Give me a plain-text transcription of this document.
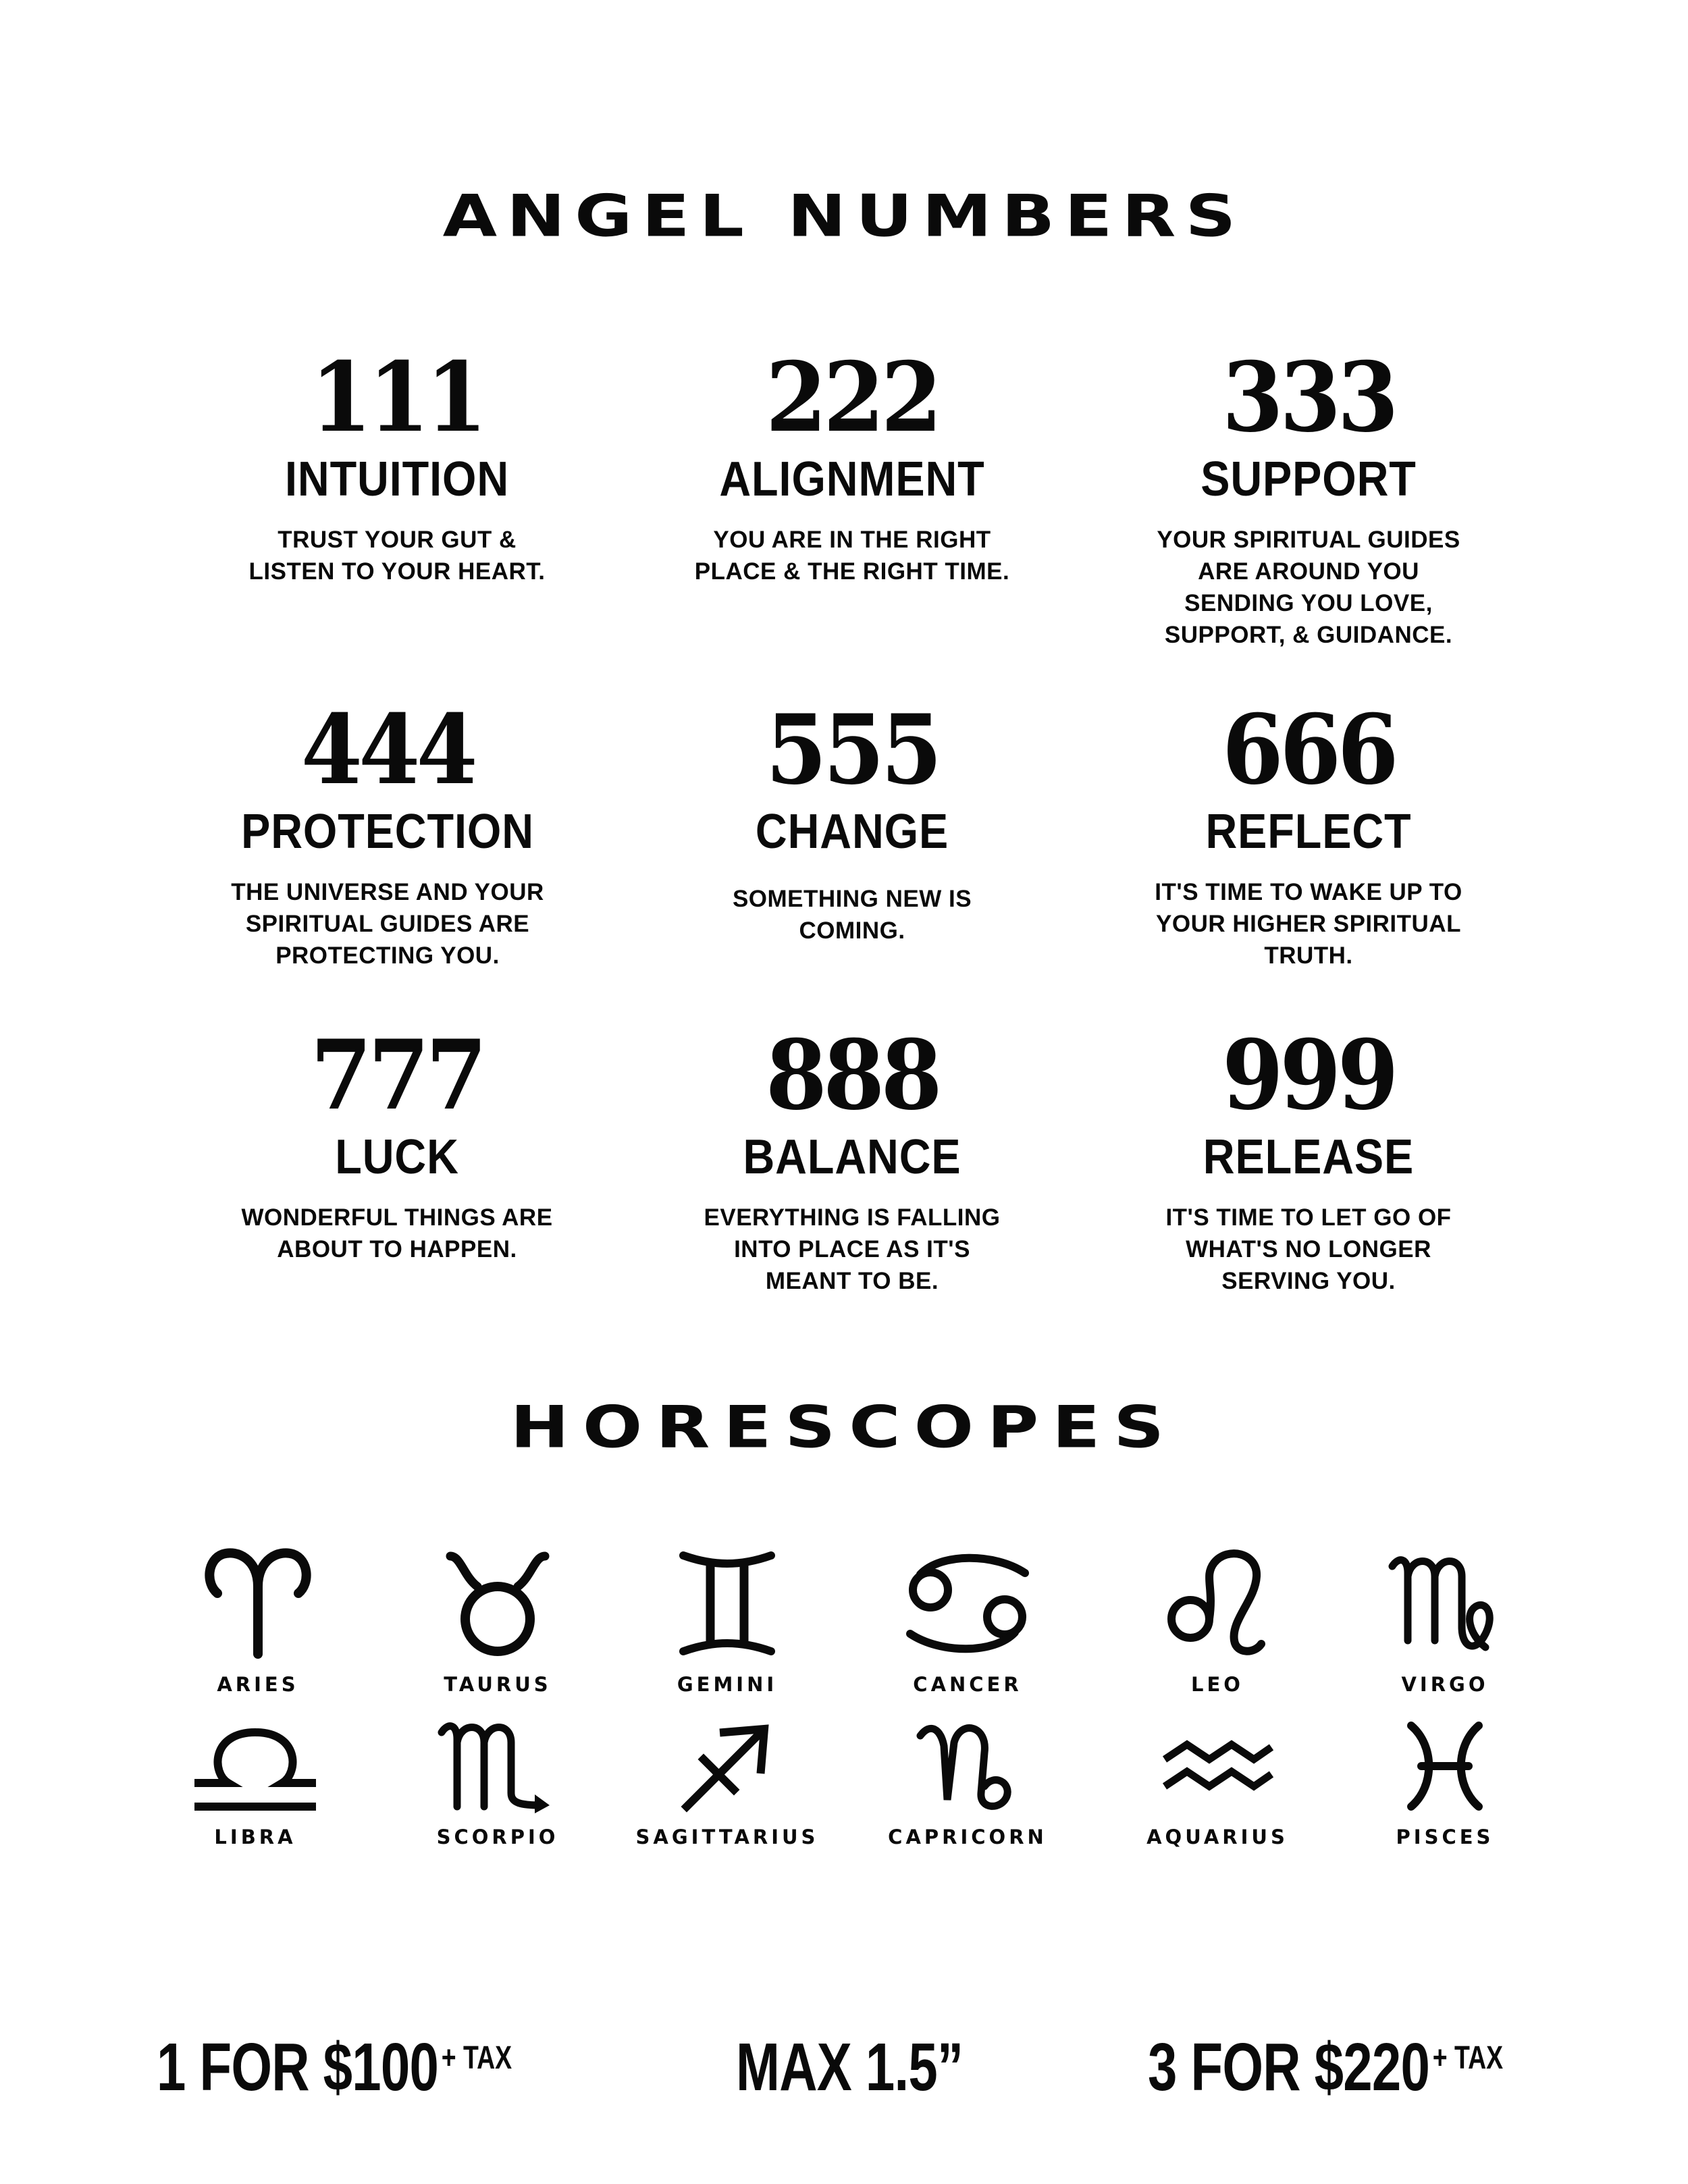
ANGEL NUMBERS
111
INTUITION
TRUST YOUR GUT & LISTEN TO YOUR HEART.
222
ALIGNMENT
YOU ARE IN THE RIGHT PLACE & THE RIGHT TIME.
333
SUPPORT
YOUR SPIRITUAL GUIDES ARE AROUND YOU SENDING YOU LOVE, SUPPORT, & GUIDANCE.
444
PROTECTION
THE UNIVERSE AND YOUR SPIRITUAL GUIDES ARE PROTECTING YOU.
555
CHANGE
SOMETHING NEW IS COMING.
666
REFLECT
IT'S TIME TO WAKE UP TO YOUR HIGHER SPIRITUAL TRUTH.
777
LUCK
WONDERFUL THINGS ARE ABOUT TO HAPPEN.
888
BALANCE
EVERYTHING IS FALLING INTO PLACE AS IT'S MEANT TO BE.
999
RELEASE
IT'S TIME TO LET GO OF WHAT'S NO LONGER SERVING YOU.
HORESCOPES
ARIES	TAURUS	GEMINI	CANCER	LEO	VIRGO
LIBRA	SCORPIO	SAGITTARIUS	CAPRICORN	AQUARIUS	PISCES
1 FOR $\$100^{+ TAX}$	MAX 1.5”	3 FOR $\$220^{+ TAX}$
